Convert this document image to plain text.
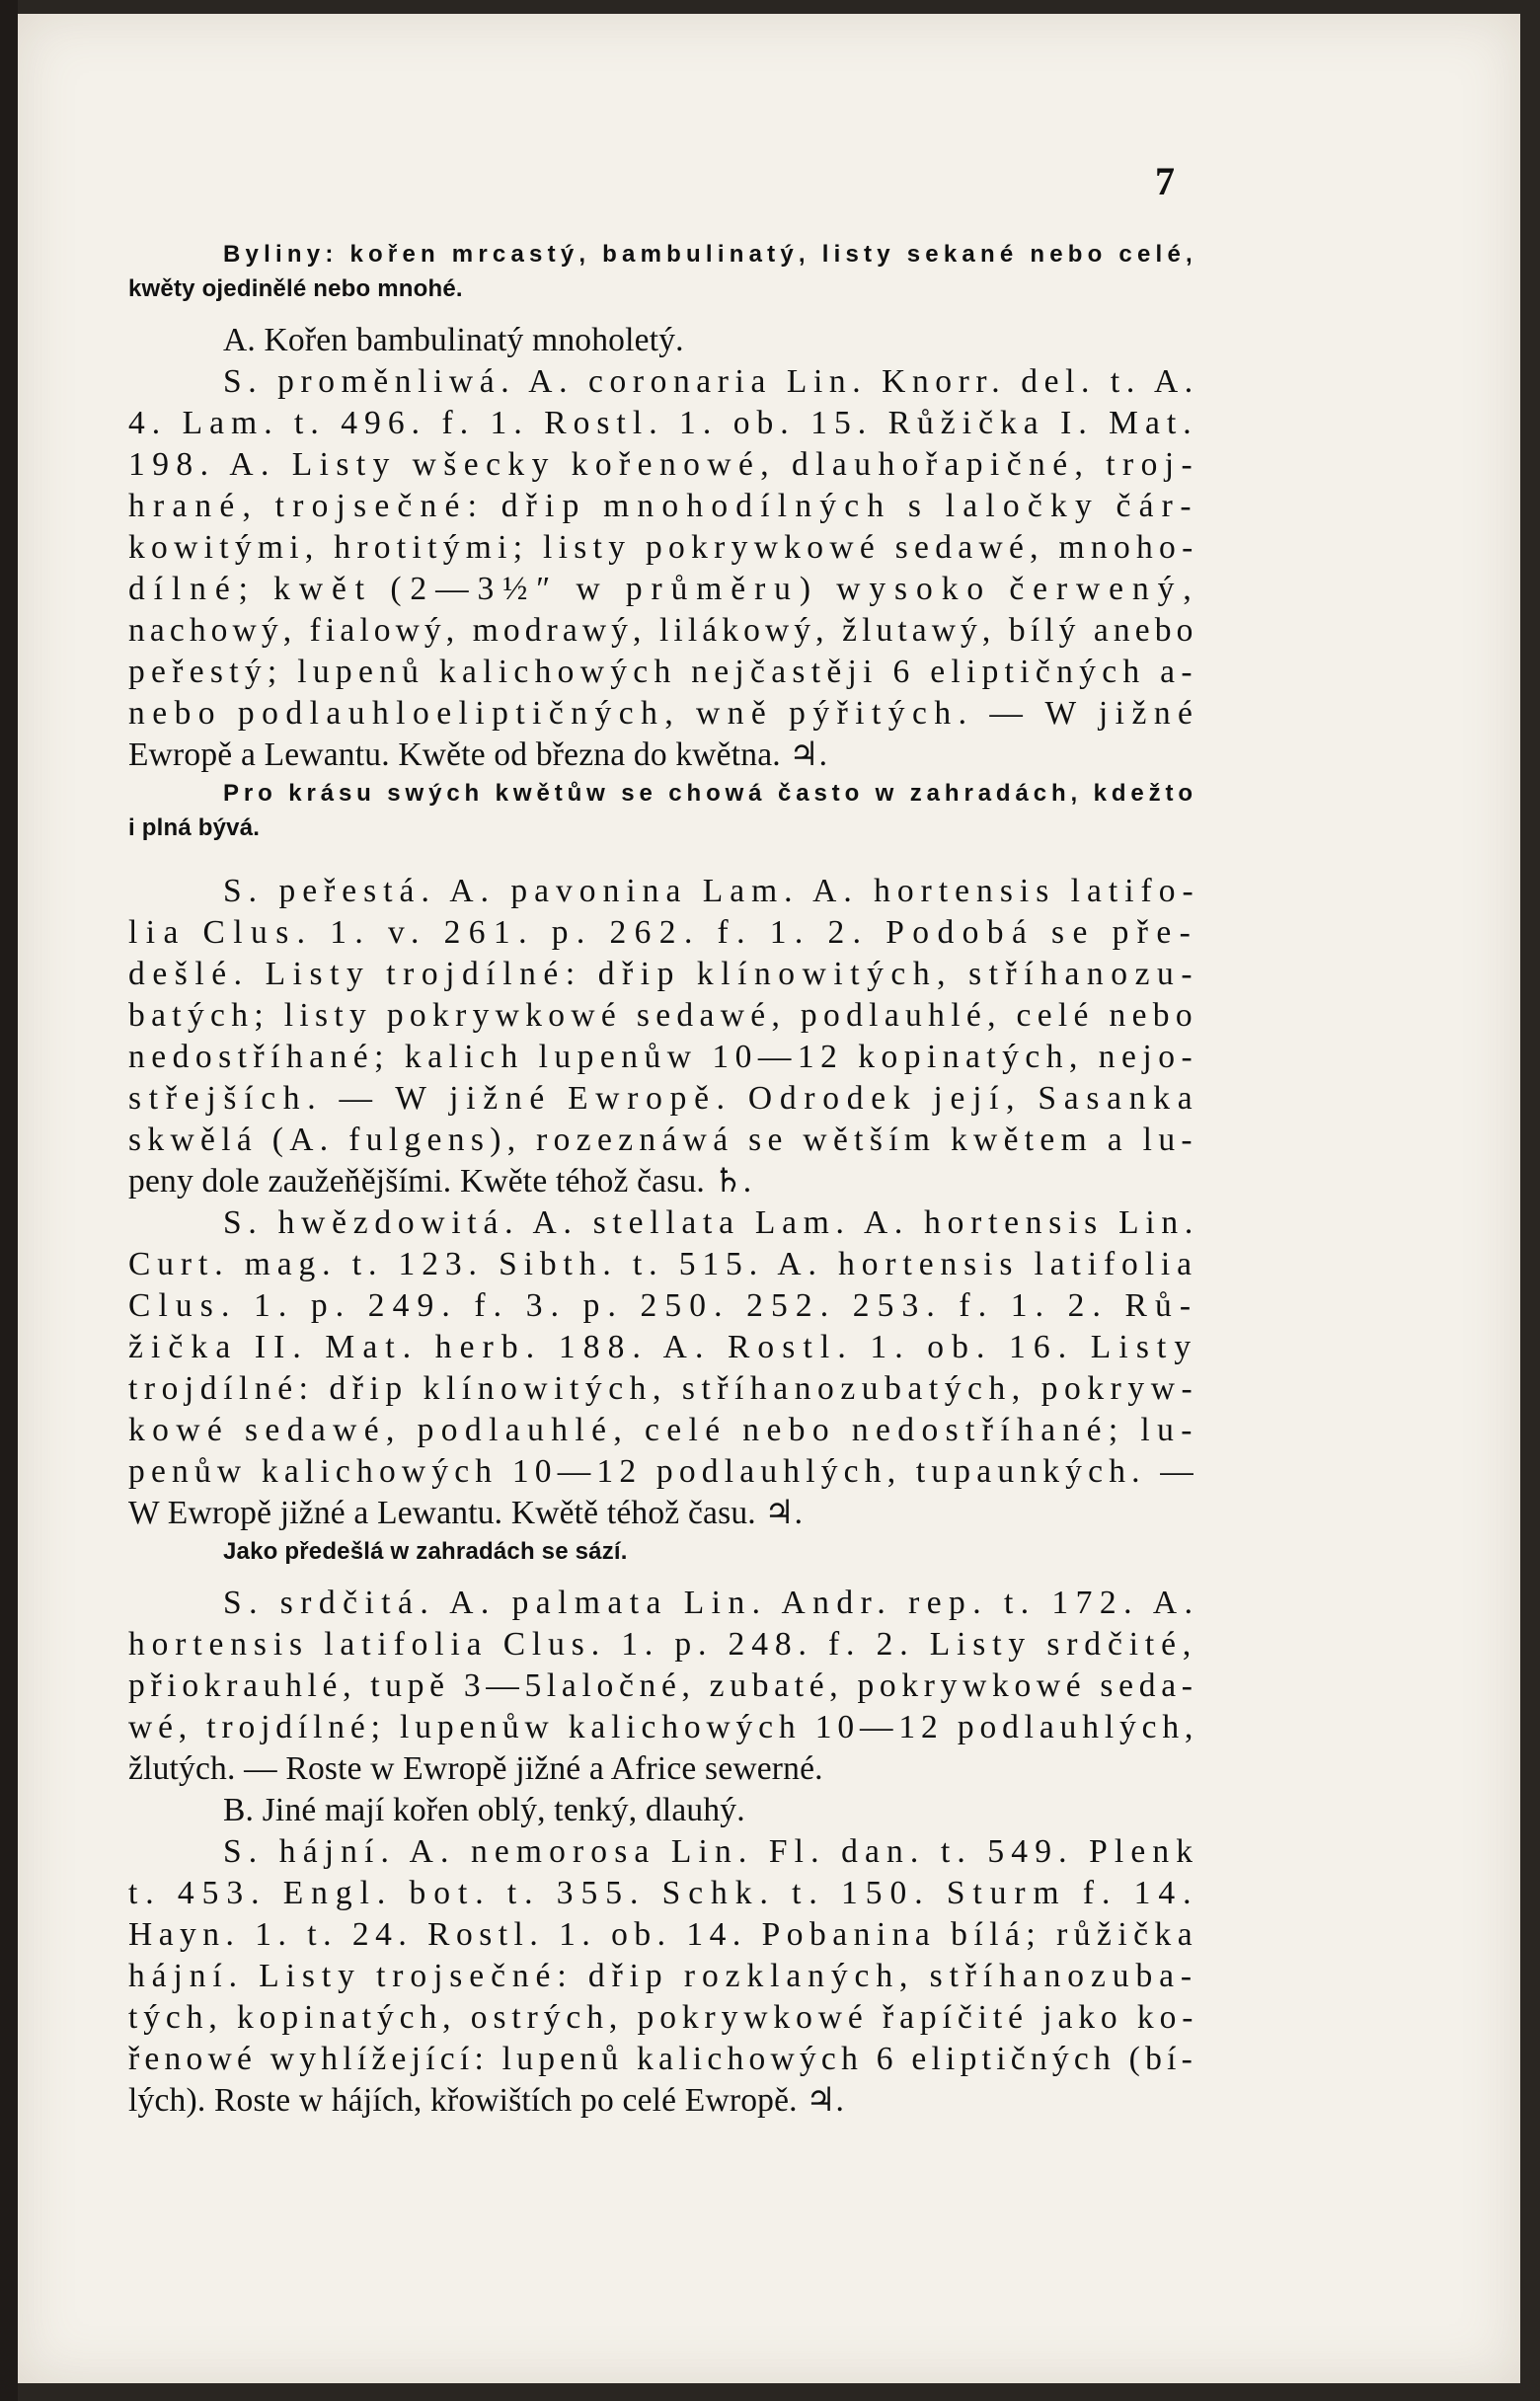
7
Byliny: kořen mrcastý, bambulinatý, listy sekané nebo celé,
kwěty ojedinělé nebo mnohé.
A. Kořen bambulinatý mnoholetý.
S. proměnliwá. A. coronaria Lin. Knorr. del. t. A.
4. Lam. t. 496. f. 1. Rostl. 1. ob. 15. Růžička I. Mat.
198. A. Listy wšecky kořenowé, dlauhořapičné, troj-
hrané, trojsečné: dřip mnohodílných s laločky čár-
kowitými, hrotitými; listy pokrywkowé sedawé, mnoho-
dílné; kwět (2—3½″ w průměru) wysoko čerwený,
nachowý, fialowý, modrawý, lilákowý, žlutawý, bílý anebo
peřestý; lupenů kalichowých nejčastěji 6 eliptičných a-
nebo podlauhloeliptičných, wně pýřitých. — W jižné
Ewropě a Lewantu. Kwěte od března do kwětna. ♃.
Pro krásu swých kwětůw se chowá často w zahradách, kdežto
i plná bývá.
S. peřestá. A. pavonina Lam. A. hortensis latifo-
lia Clus. 1. v. 261. p. 262. f. 1. 2. Podobá se pře-
dešlé. Listy trojdílné: dřip klínowitých, stříhanozu-
batých; listy pokrywkowé sedawé, podlauhlé, celé nebo
nedostříhané; kalich lupenůw 10—12 kopinatých, nejo-
střejších. — W jižné Ewropě. Odrodek její, Sasanka
skwělá (A. fulgens), rozeznáwá se wětším kwětem a lu-
peny dole zaužeňějšími. Kwěte téhož času. ♄.
S. hwězdowitá. A. stellata Lam. A. hortensis Lin.
Curt. mag. t. 123. Sibth. t. 515. A. hortensis latifolia
Clus. 1. p. 249. f. 3. p. 250. 252. 253. f. 1. 2. Rů-
žička II. Mat. herb. 188. A. Rostl. 1. ob. 16. Listy
trojdílné: dřip klínowitých, stříhanozubatých, pokryw-
kowé sedawé, podlauhlé, celé nebo nedostříhané; lu-
penůw kalichowých 10—12 podlauhlých, tupaunkých. —
W Ewropě jižné a Lewantu. Kwětě téhož času. ♃.
Jako předešlá w zahradách se sází.
S. srdčitá. A. palmata Lin. Andr. rep. t. 172. A.
hortensis latifolia Clus. 1. p. 248. f. 2. Listy srdčité,
přiokrauhlé, tupě 3—5laločné, zubaté, pokrywkowé seda-
wé, trojdílné; lupenůw kalichowých 10—12 podlauhlých,
žlutých. — Roste w Ewropě jižné a Africe sewerné.
B. Jiné mají kořen oblý, tenký, dlauhý.
S. hájní. A. nemorosa Lin. Fl. dan. t. 549. Plenk
t. 453. Engl. bot. t. 355. Schk. t. 150. Sturm f. 14.
Hayn. 1. t. 24. Rostl. 1. ob. 14. Pobanina bílá; růžička
hájní. Listy trojsečné: dřip rozklaných, stříhanozuba-
tých, kopinatých, ostrých, pokrywkowé řapíčité jako ko-
řenowé wyhlížející: lupenů kalichowých 6 eliptičných (bí-
lých). Roste w hájích, křowištích po celé Ewropě. ♃.
